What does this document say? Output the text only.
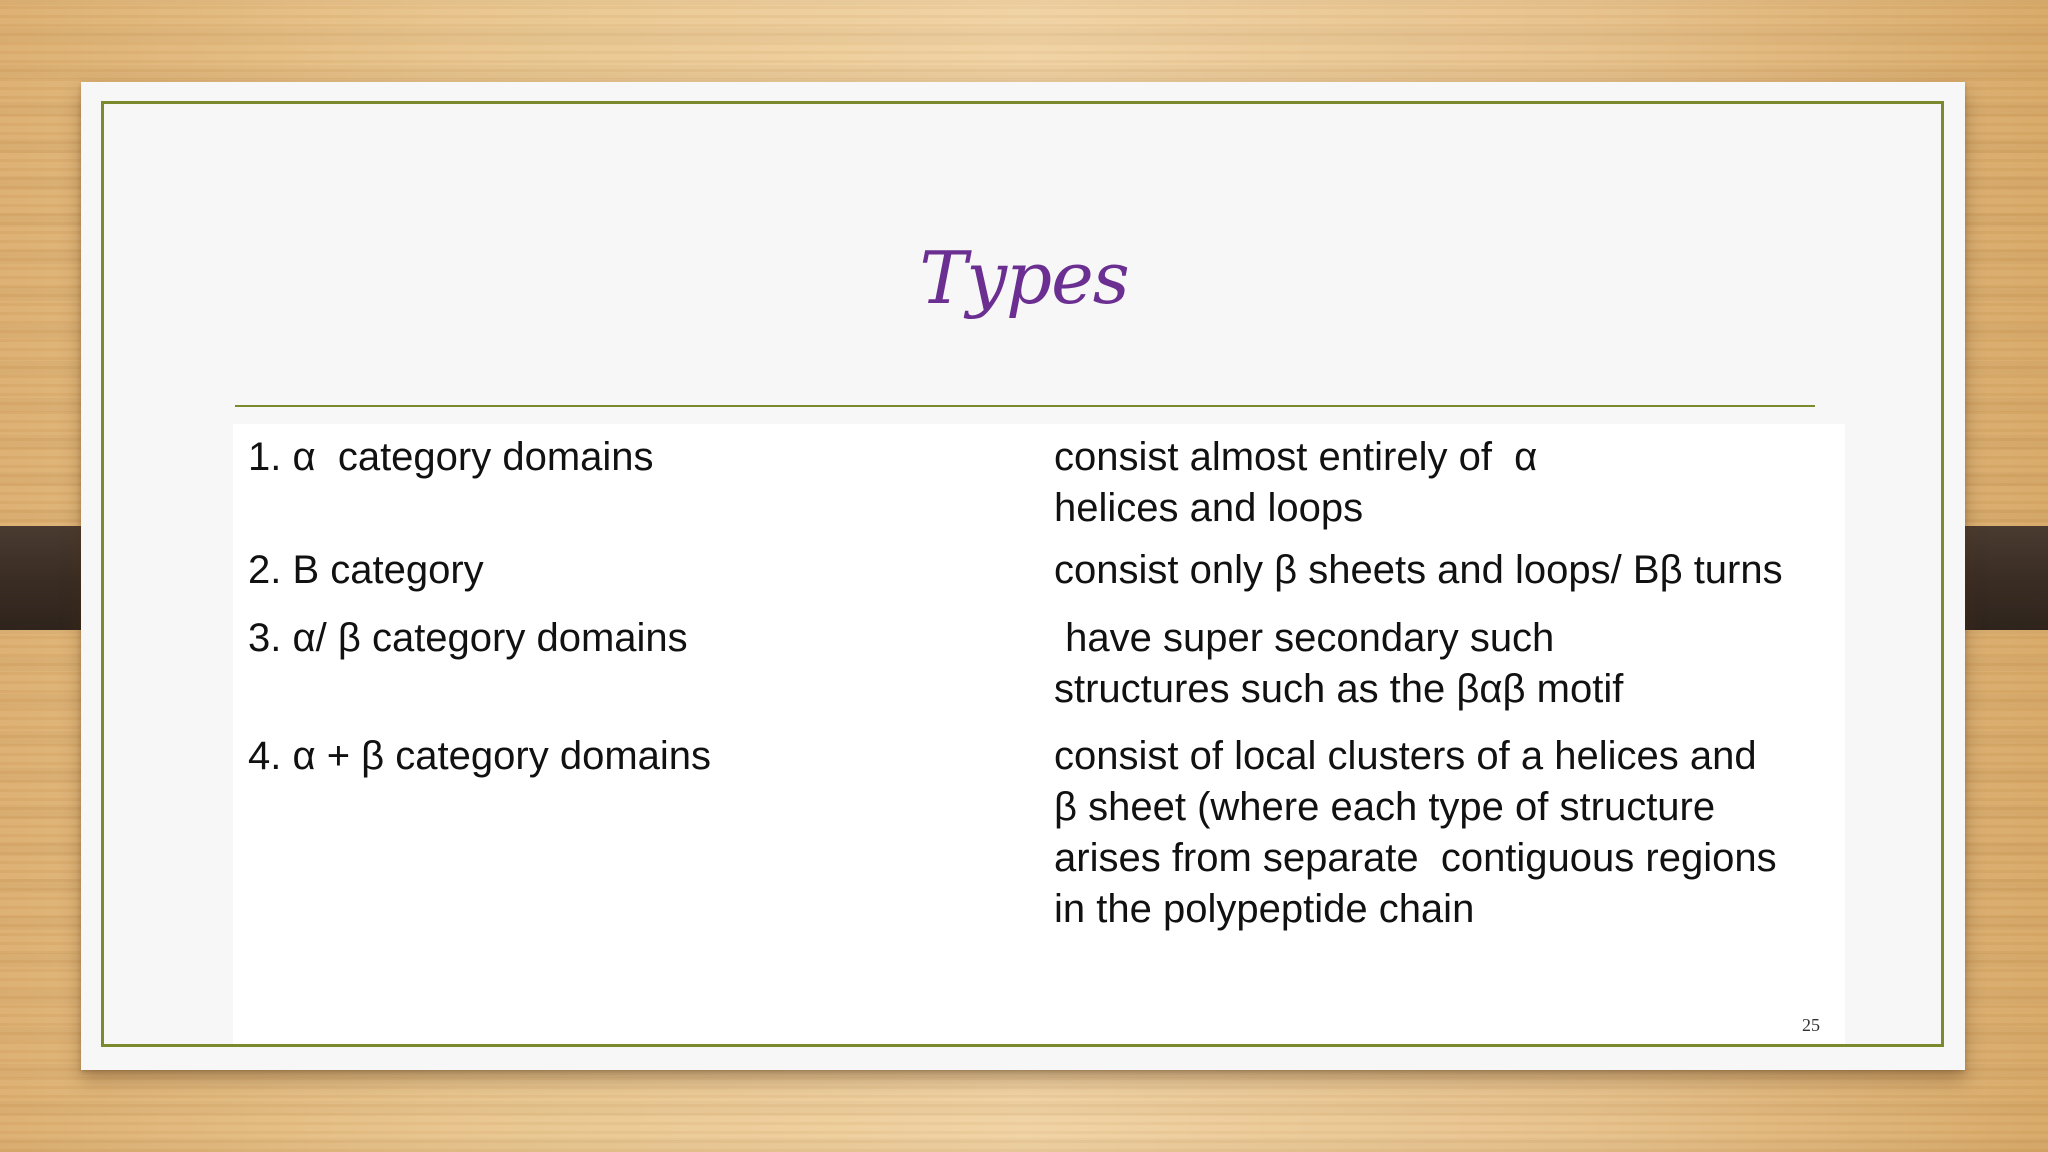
Types
1. α  category domains	consist almost entirely of  α
helices and loops
2. Β category	consist only β sheets and loops/ Ββ turns
3. α/ β category domains	have super secondary such
structures such as the βαβ motif
4. α + β category domains	consist of local clusters of a helices and
β sheet (where each type of structure
arises from separate  contiguous regions
in the polypeptide chain
25
